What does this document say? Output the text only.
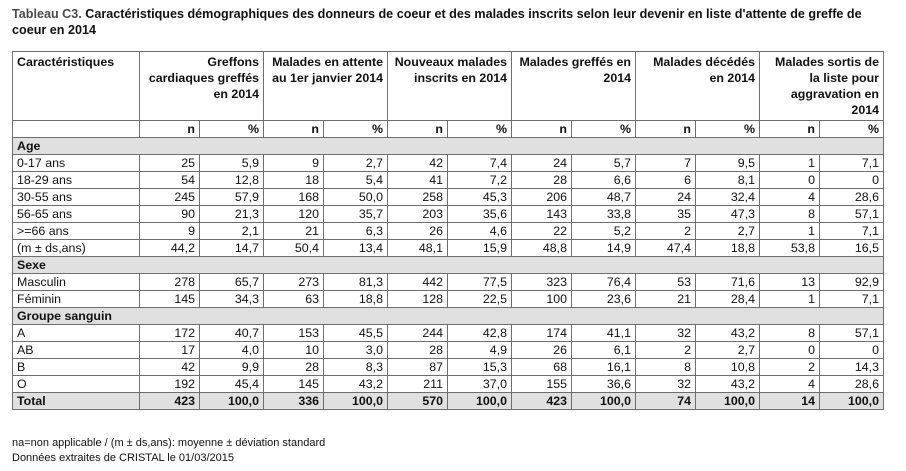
Tableau C3. Caractéristiques démographiques des donneurs de coeur et des malades inscrits selon leur devenir en liste d'attente de greffe de coeur en 2014
Caractéristiques	Greffons cardiaques greffés en 2014		Malades en attente au 1er janvier 2014		Nouveaux malades inscrits en 2014		Malades greffés en 2014		Malades décédés en 2014		Malades sortis de la liste pour aggravation en 2014	
	n	%	n	%	n	%	n	%	n	%	n	%
Age												
0-17 ans	25	5,9	9	2,7	42	7,4	24	5,7	7	9,5	1	7,1
18-29 ans	54	12,8	18	5,4	41	7,2	28	6,6	6	8,1	0	0
30-55 ans	245	57,9	168	50,0	258	45,3	206	48,7	24	32,4	4	28,6
56-65 ans	90	21,3	120	35,7	203	35,6	143	33,8	35	47,3	8	57,1
>=66 ans	9	2,1	21	6,3	26	4,6	22	5,2	2	2,7	1	7,1
(m ± ds,ans)	44,2	14,7	50,4	13,4	48,1	15,9	48,8	14,9	47,4	18,8	53,8	16,5
Sexe												
Masculin	278	65,7	273	81,3	442	77,5	323	76,4	53	71,6	13	92,9
Féminin	145	34,3	63	18,8	128	22,5	100	23,6	21	28,4	1	7,1
Groupe sanguin												
A	172	40,7	153	45,5	244	42,8	174	41,1	32	43,2	8	57,1
AB	17	4,0	10	3,0	28	4,9	26	6,1	2	2,7	0	0
B	42	9,9	28	8,3	87	15,3	68	16,1	8	10,8	2	14,3
O	192	45,4	145	43,2	211	37,0	155	36,6	32	43,2	4	28,6
Total	423	100,0	336	100,0	570	100,0	423	100,0	74	100,0	14	100,0
na=non applicable / (m ± ds,ans): moyenne ± déviation standard
Données extraites de CRISTAL le 01/03/2015
